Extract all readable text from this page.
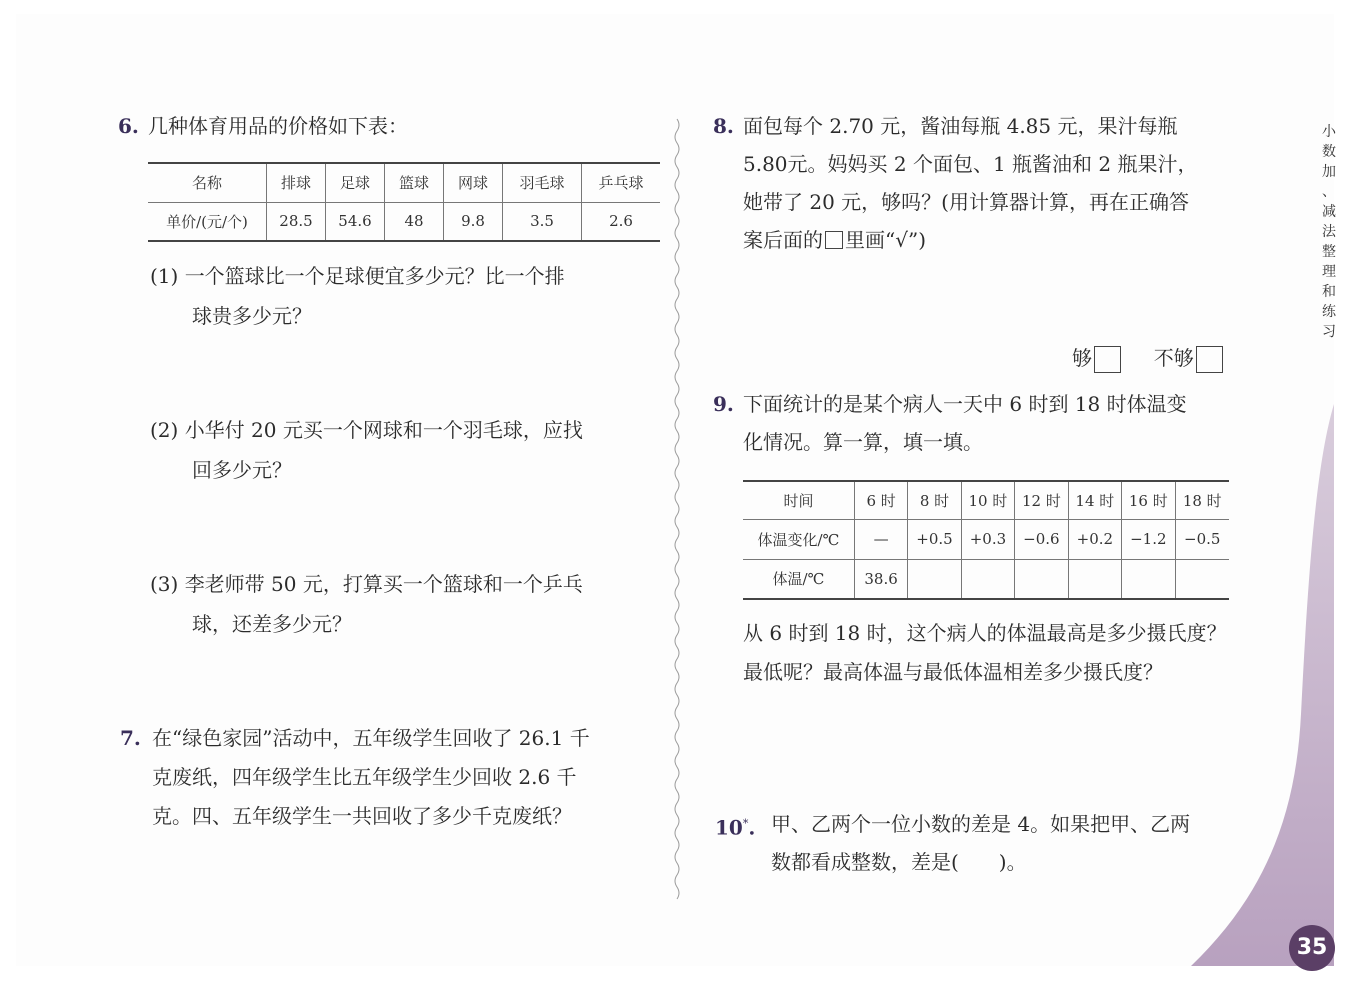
小
数
加
、
减
法
整
理
和
练
习
35
6. 几种体育用品的价格如下表：
名称	排球	足球	篮球	网球	羽毛球	乒乓球
单价/(元/个)	28.5	54.6	48	9.8	3.5	2.6
(1) 一个篮球比一个足球便宜多少元？比一个排
球贵多少元？
(2) 小华付 20 元买一个网球和一个羽毛球，应找
回多少元？
(3) 李老师带 50 元，打算买一个篮球和一个乒乓
球，还差多少元？
7. 在“绿色家园”活动中，五年级学生回收了 26.1 千
克废纸，四年级学生比五年级学生少回收 2.6 千
克。四、五年级学生一共回收了多少千克废纸？
8. 面包每个 2.70 元，酱油每瓶 4.85 元，果汁每瓶
5.80元。妈妈买 2 个面包、1 瓶酱油和 2 瓶果汁，
她带了 20 元，够吗？(用计算器计算，再在正确答
案后面的 里画“√”)
够	不够
9. 下面统计的是某个病人一天中 6 时到 18 时体温变
化情况。算一算，填一填。
时间	6 时	8 时	10 时	12 时	14 时	16 时	18 时
体温变化/℃	—	+0.5	+0.3	−0.6	+0.2	−1.2	−0.5
体温/℃	38.6						
从 6 时到 18 时，这个病人的体温最高是多少摄氏度？
最低呢？最高体温与最低体温相差多少摄氏度？
10*. 甲、乙两个一位小数的差是 4。如果把甲、乙两
数都看成整数，差是(　　)。
